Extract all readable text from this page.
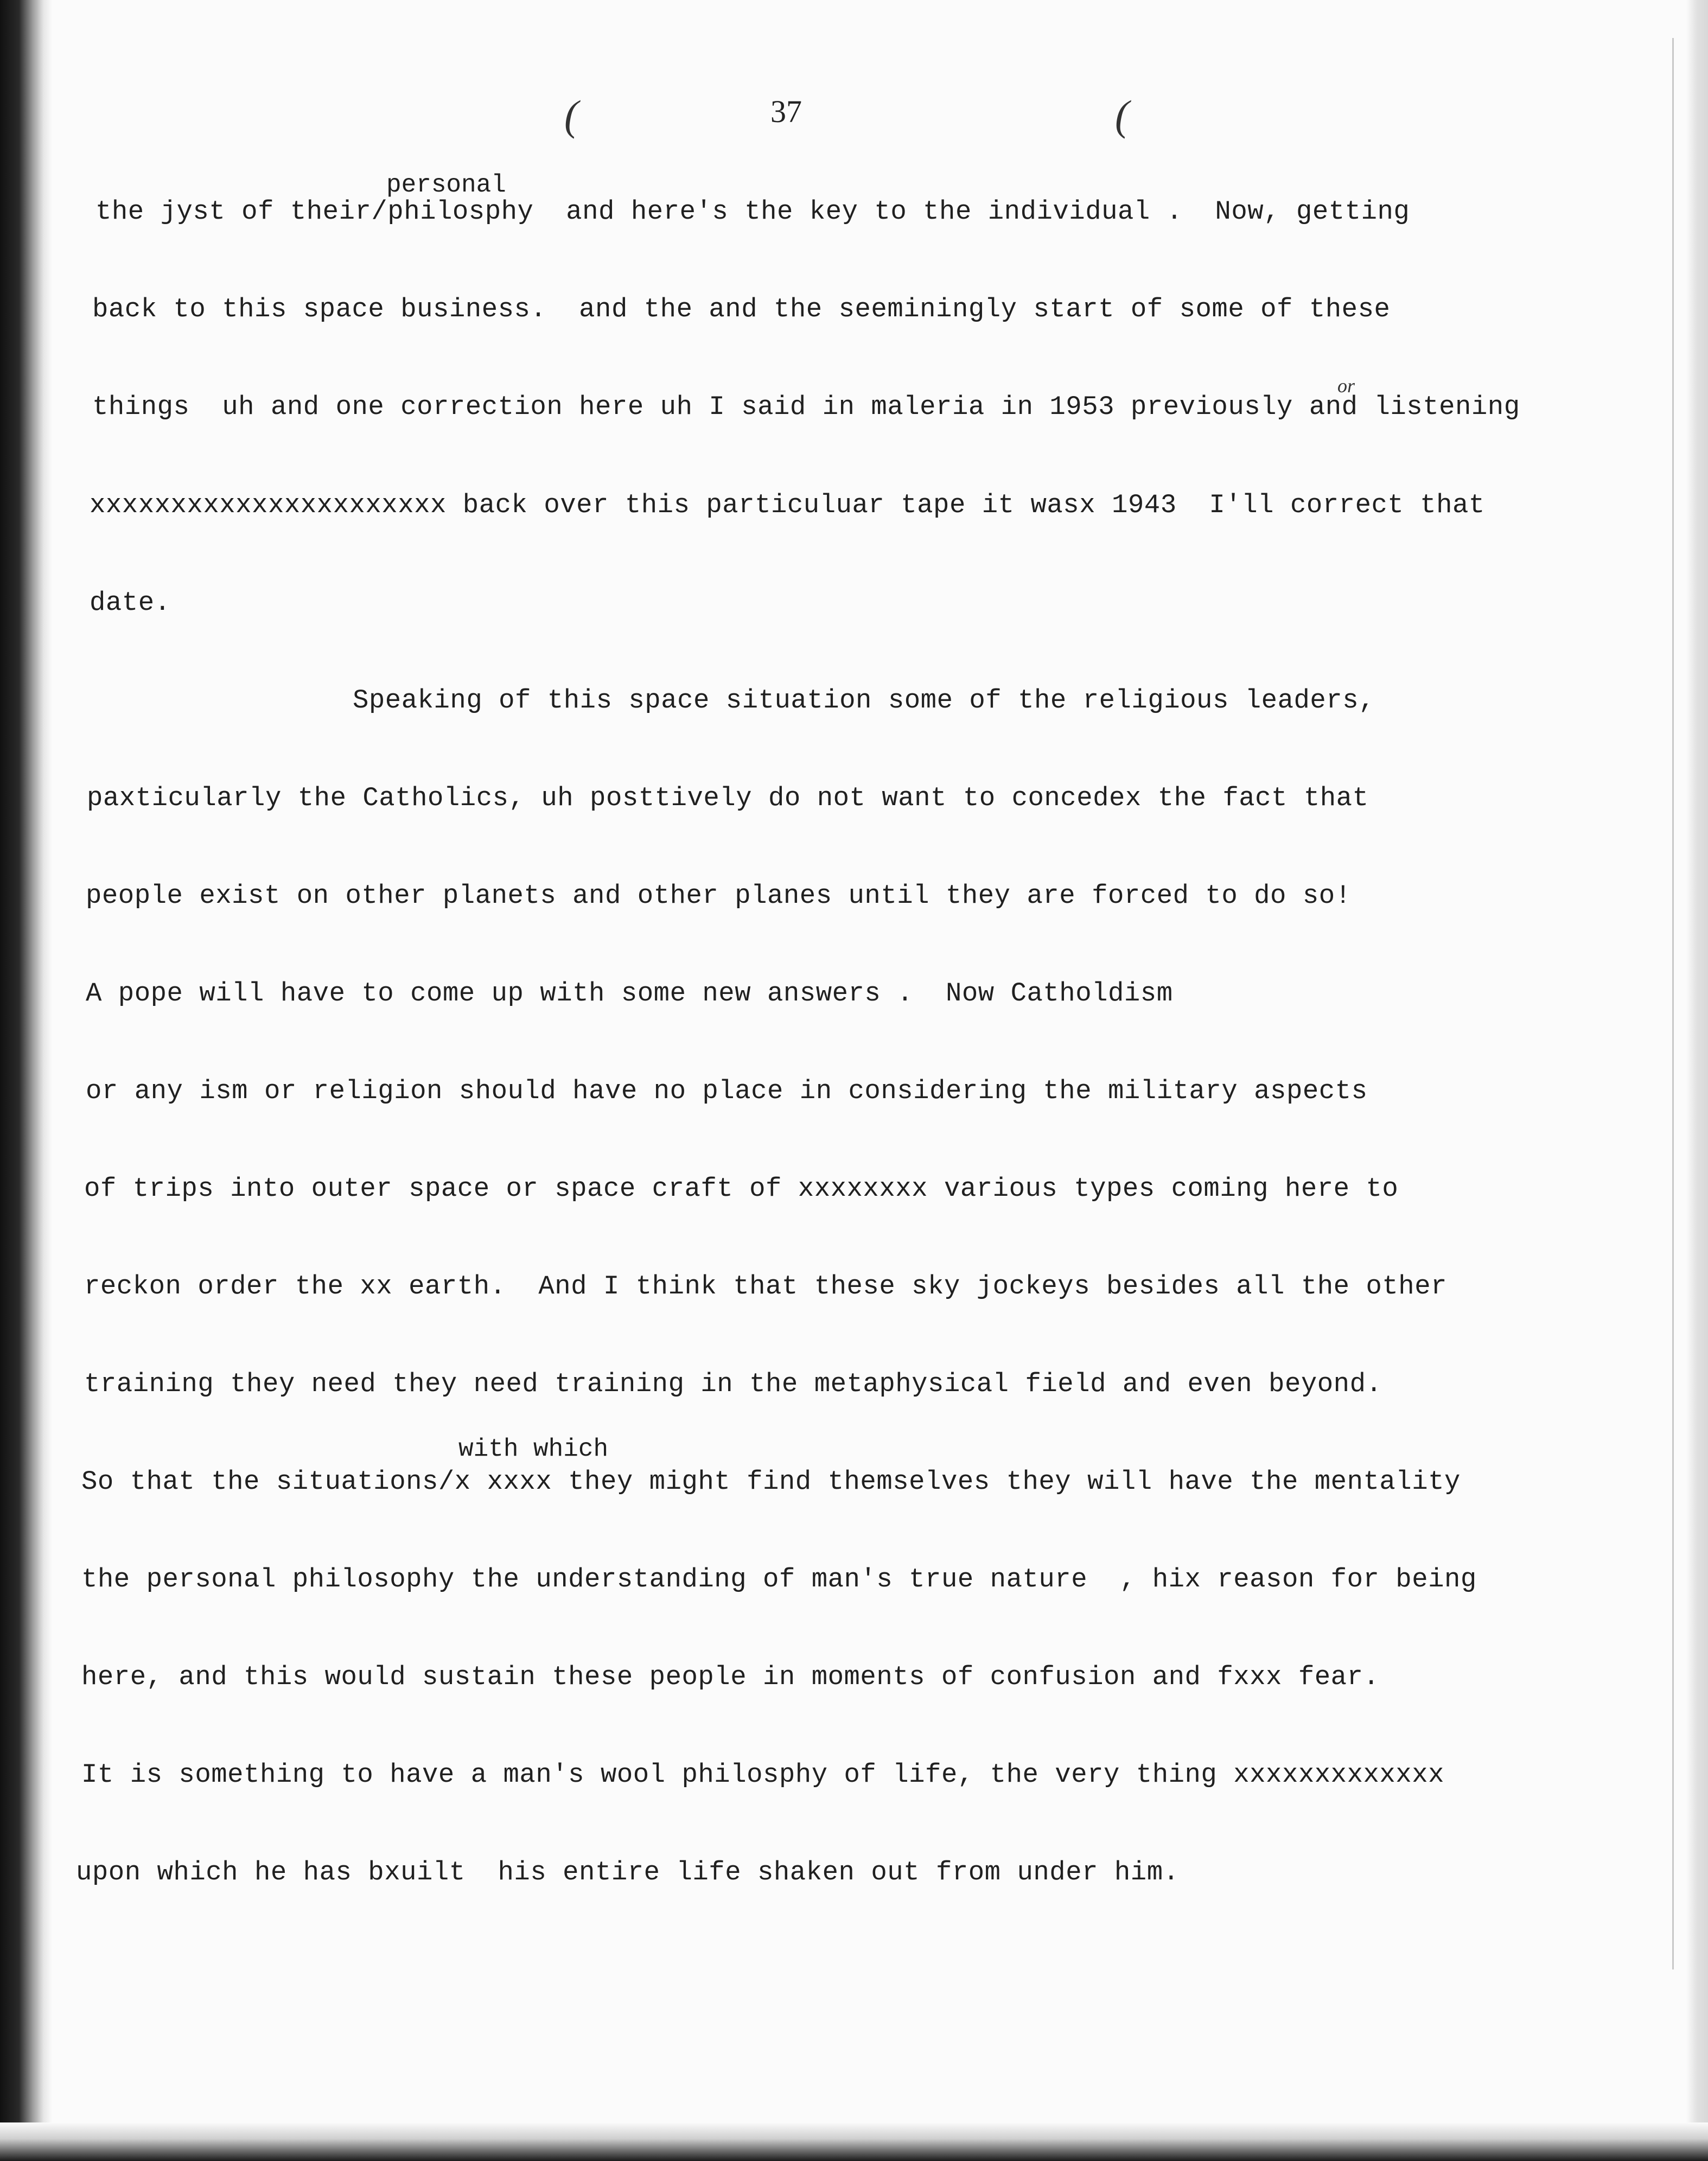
(	(
37
personal
or
with which
the jyst of their/philosphy  and here's the key to the individual .  Now, getting
back to this space business.  and the and the seeminingly start of some of these
things  uh and one correction here uh I said in maleria in 1953 previously and listening
xxxxxxxxxxxxxxxxxxxxxx back over this particuluar tape it wasx 1943  I'll correct that
date.
Speaking of this space situation some of the religious leaders,
paxticularly the Catholics, uh posttively do not want to concedex the fact that
people exist on other planets and other planes until they are forced to do so!
A pope will have to come up with some new answers .  Now Catholdism
or any ism or religion should have no place in considering the military aspects
of trips into outer space or space craft of xxxxxxxx various types coming here to
reckon order the xx earth.  And I think that these sky jockeys besides all the other
training they need they need training in the metaphysical field and even beyond.
So that the situations/x xxxx they might find themselves they will have the mentality
the personal philosophy the understanding of man's true nature  , hix reason for being
here, and this would sustain these people in moments of confusion and fxxx fear.
It is something to have a man's wool philosphy of life, the very thing xxxxxxxxxxxxx
upon which he has bxuilt  his entire life shaken out from under him.
